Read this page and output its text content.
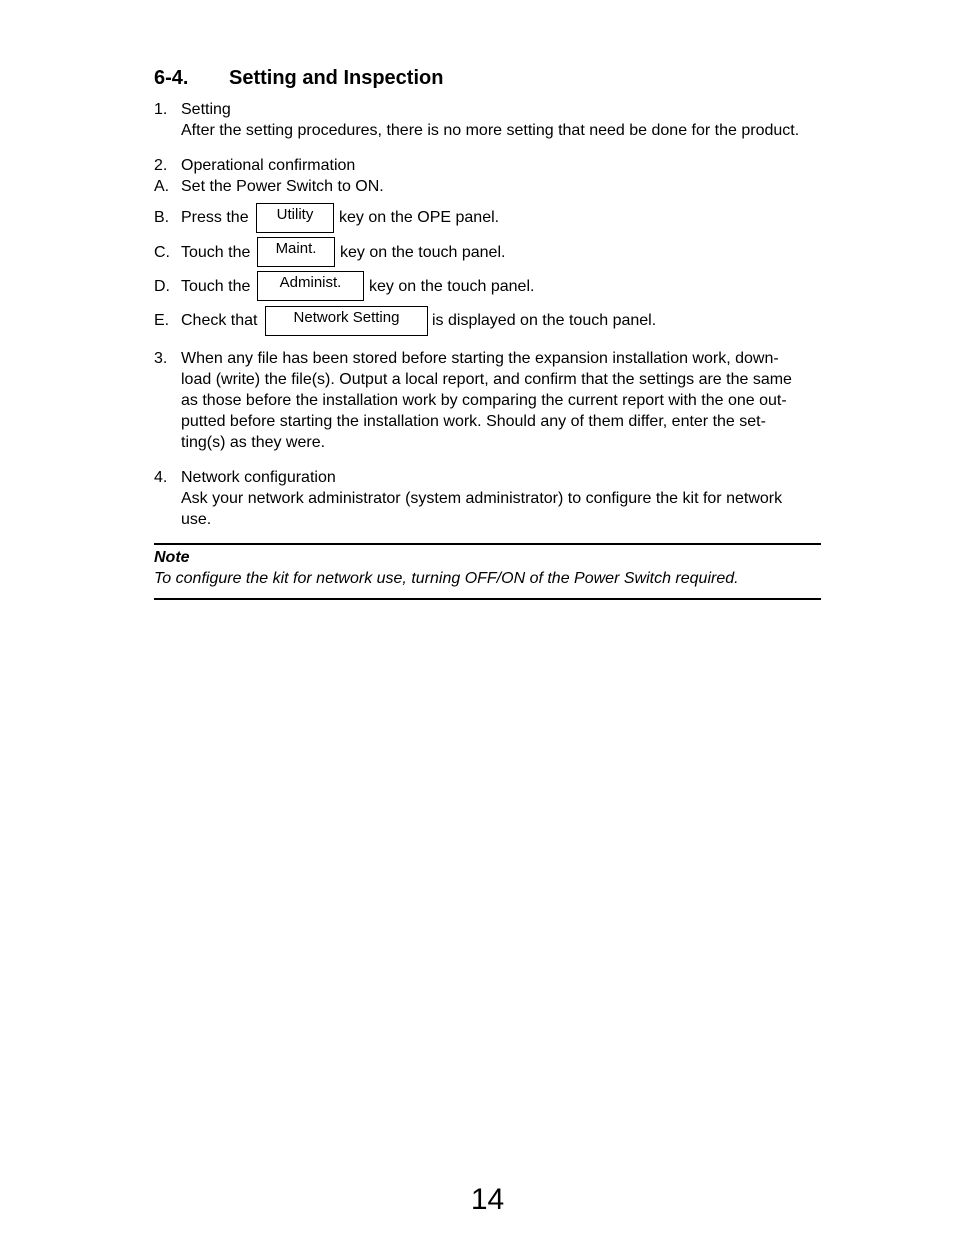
6-4. Setting and Inspection
1. Setting
After the setting procedures, there is no more setting that need be done for the product.
2. Operational confirmation
A. Set the Power Switch to ON.
B. Press the	Utility	key on the OPE panel.
C. Touch the	Maint.	key on the touch panel.
D. Touch the	Administ.	key on the touch panel.
E. Check that	Network Setting	is displayed on the touch panel.
3. When any file has been stored before starting the expansion installation work, down-
load (write) the file(s). Output a local report, and confirm that the settings are the same
as those before the installation work by comparing the current report with the one out-
putted before starting the installation work. Should any of them differ, enter the set-
ting(s) as they were.
4. Network configuration
Ask your network administrator (system administrator) to configure the kit for network
use.
Note
To configure the kit for network use, turning OFF/ON of the Power Switch required.
14
